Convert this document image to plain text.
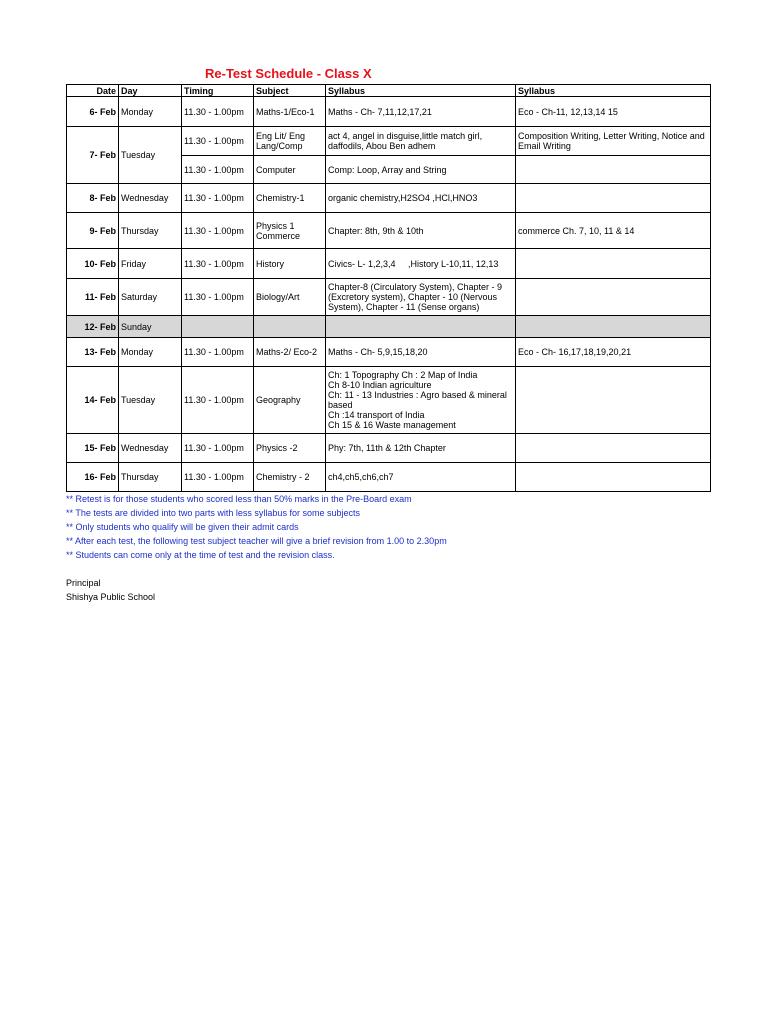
Re-Test Schedule - Class X
Date	Day	Timing	Subject	Syllabus	Syllabus
6- Feb	Monday	11.30 - 1.00pm	Maths-1/Eco-1	Maths - Ch- 7,11,12,17,21	Eco - Ch-11, 12,13,14 15
7- Feb	Tuesday	11.30 - 1.00pm	Eng Lit/ Eng Lang/Comp	act 4, angel in disguise,little match girl, daffodils, Abou Ben adhem	Composition Writing, Letter Writing, Notice and Email Writing
		11.30 - 1.00pm	Computer	Comp: Loop, Array and String	
8- Feb	Wednesday	11.30 - 1.00pm	Chemistry-1	organic chemistry,H2SO4 ,HCl,HNO3	
9- Feb	Thursday	11.30 - 1.00pm	Physics 1 Commerce	Chapter: 8th, 9th & 10th	commerce Ch. 7, 10, 11 & 14
10- Feb	Friday	11.30 - 1.00pm	History	Civics- L- 1,2,3,4     ,History L-10,11, 12,13	
11- Feb	Saturday	11.30 - 1.00pm	Biology/Art	Chapter-8 (Circulatory System), Chapter - 9 (Excretory system), Chapter - 10 (Nervous System), Chapter - 11 (Sense organs)	
12- Feb	Sunday				
13- Feb	Monday	11.30 - 1.00pm	Maths-2/ Eco-2	Maths - Ch- 5,9,15,18,20	Eco - Ch- 16,17,18,19,20,21
14- Feb	Tuesday	11.30 - 1.00pm	Geography	Ch: 1 Topography Ch : 2 Map of India
Ch 8-10 Indian agriculture
Ch: 11 - 13 Industries : Agro based & mineral based
Ch :14 transport of India
Ch 15 & 16 Waste management	
15- Feb	Wednesday	11.30 - 1.00pm	Physics -2	Phy: 7th, 11th & 12th Chapter	
16- Feb	Thursday	11.30 - 1.00pm	Chemistry - 2	ch4,ch5,ch6,ch7	
** Retest is for those students who scored less than 50% marks in the Pre-Board exam
** The tests are divided into two parts with less syllabus for some subjects
** Only students who qualify will be given their admit cards
** After each test, the following test subject teacher will give a brief revision from 1.00 to 2.30pm
** Students can come only at the time of test and the revision class.
Principal
Shishya Public School
